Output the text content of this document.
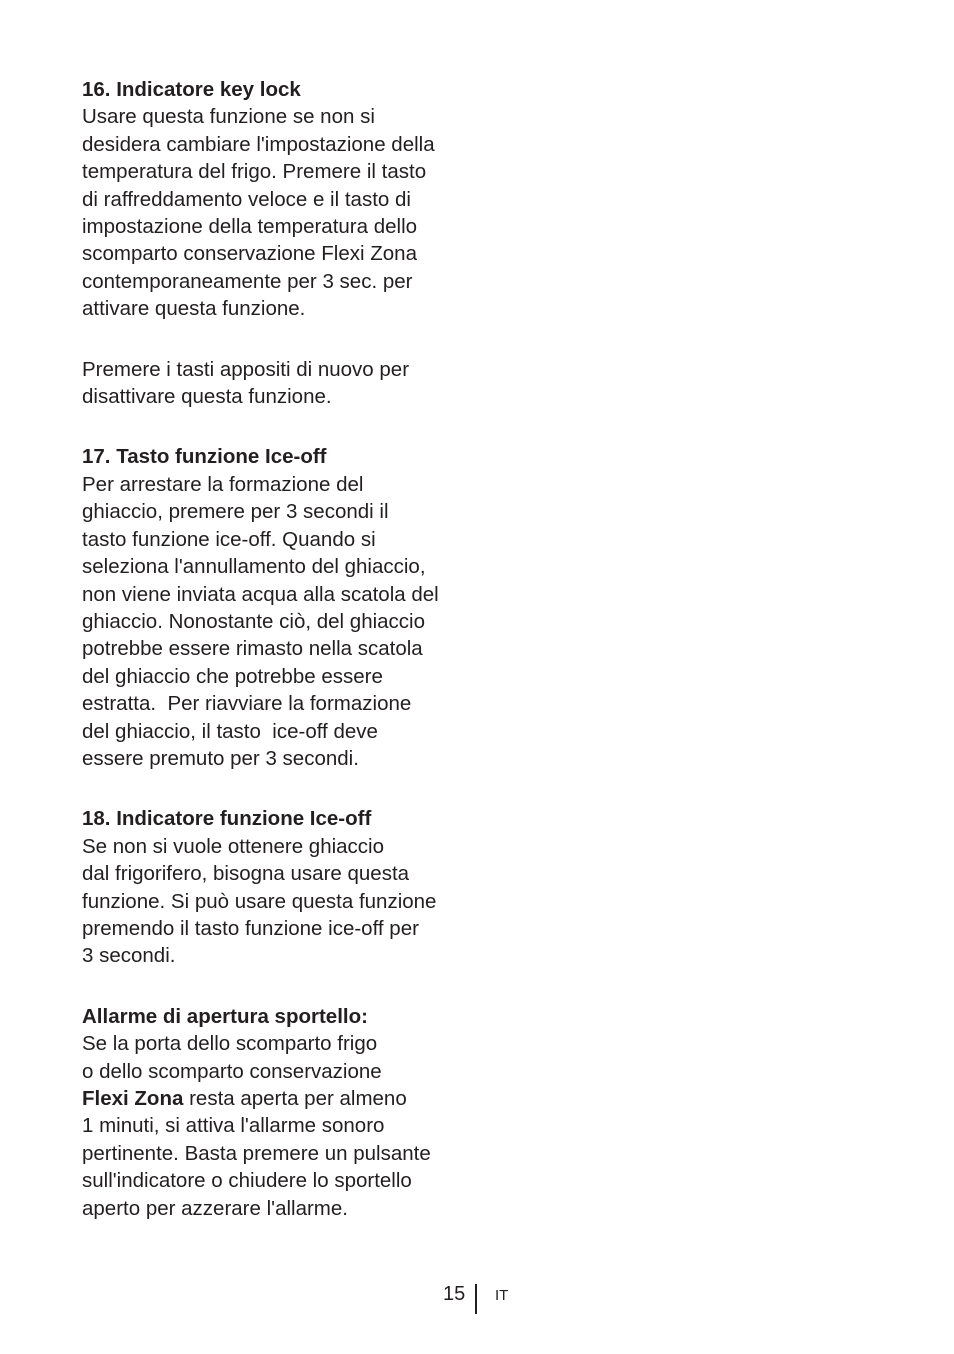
16. Indicatore key lock
Usare questa funzione se non si
desidera cambiare l'impostazione della
temperatura del frigo. Premere il tasto
di raffreddamento veloce e il tasto di
impostazione della temperatura dello
scomparto conservazione Flexi Zona
contemporaneamente per 3 sec. per
attivare questa funzione.
Premere i tasti appositi di nuovo per
disattivare questa funzione.
17. Tasto funzione Ice-off
Per arrestare la formazione del
ghiaccio, premere per 3 secondi il
tasto funzione ice-off. Quando si
seleziona l'annullamento del ghiaccio,
non viene inviata acqua alla scatola del
ghiaccio. Nonostante ciò, del ghiaccio
potrebbe essere rimasto nella scatola
del ghiaccio che potrebbe essere
estratta.  Per riavviare la formazione
del ghiaccio, il tasto  ice-off deve
essere premuto per 3 secondi.
18. Indicatore funzione Ice-off
Se non si vuole ottenere ghiaccio
dal frigorifero, bisogna usare questa
funzione. Si può usare questa funzione
premendo il tasto funzione ice-off per
3 secondi.
Allarme di apertura sportello:
Se la porta dello scomparto frigo
o dello scomparto conservazione
Flexi Zona resta aperta per almeno
1 minuti, si attiva l'allarme sonoro
pertinente. Basta premere un pulsante
sull'indicatore o chiudere lo sportello
aperto per azzerare l'allarme.
15 IT
